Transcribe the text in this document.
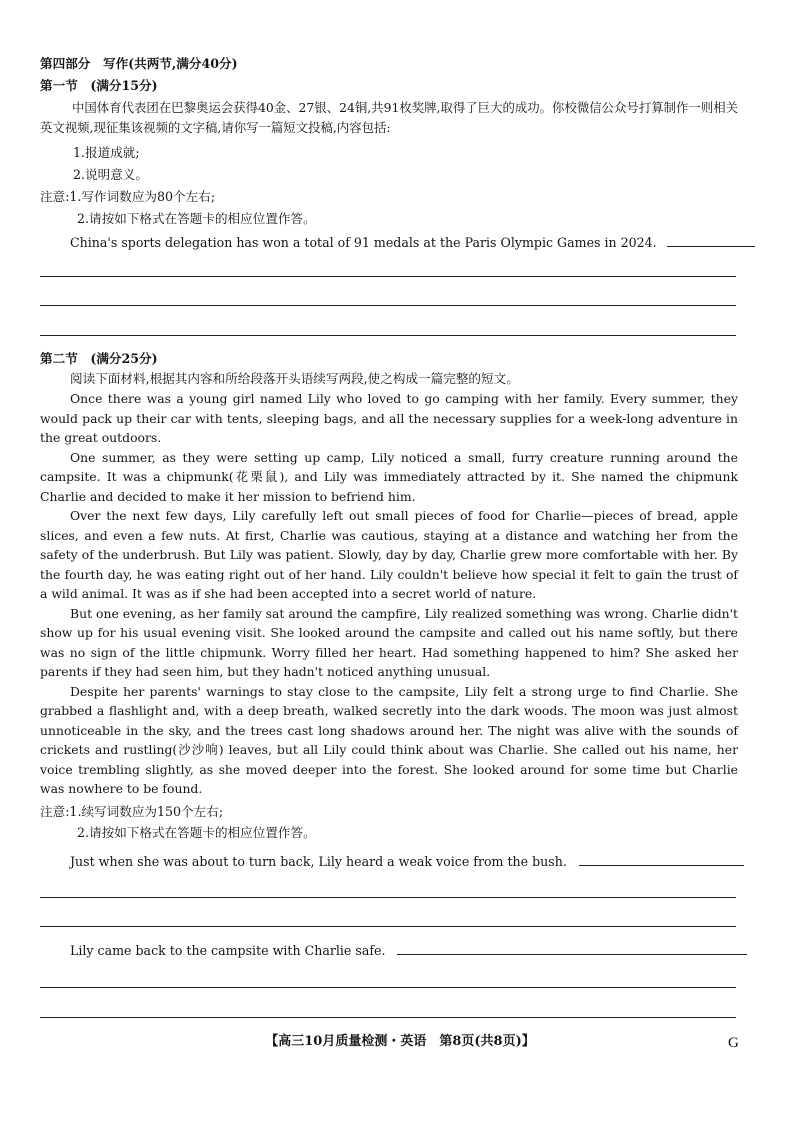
第四部分　写作(共两节,满分40分)
第一节　(满分15分)
中国体育代表团在巴黎奥运会获得40金、27银、24铜,共91枚奖牌,取得了巨大的成功。你校微信公众号打算制作一则相关英文视频,现征集该视频的文字稿,请你写一篇短文投稿,内容包括:
1.报道成就;
2.说明意义。
注意:1.写作词数应为80个左右;
2.请按如下格式在答题卡的相应位置作答。
China's sports delegation has won a total of 91 medals at the Paris Olympic Games in 2024.
第二节　(满分25分)
阅读下面材料,根据其内容和所给段落开头语续写两段,使之构成一篇完整的短文。
Once there was a young girl named Lily who loved to go camping with her family. Every summer, they would pack up their car with tents, sleeping bags, and all the necessary supplies for a week-long adventure in the great outdoors.
One summer, as they were setting up camp, Lily noticed a small, furry creature running around the campsite. It was a chipmunk(花栗鼠), and Lily was immediately attracted by it. She named the chipmunk Charlie and decided to make it her mission to befriend him.
Over the next few days, Lily carefully left out small pieces of food for Charlie—pieces of bread, apple slices, and even a few nuts. At first, Charlie was cautious, staying at a distance and watching her from the safety of the underbrush. But Lily was patient. Slowly, day by day, Charlie grew more comfortable with her. By the fourth day, he was eating right out of her hand. Lily couldn't believe how special it felt to gain the trust of a wild animal. It was as if she had been accepted into a secret world of nature.
But one evening, as her family sat around the campfire, Lily realized something was wrong. Charlie didn't show up for his usual evening visit. She looked around the campsite and called out his name softly, but there was no sign of the little chipmunk. Worry filled her heart. Had something happened to him? She asked her parents if they had seen him, but they hadn't noticed anything unusual.
Despite her parents' warnings to stay close to the campsite, Lily felt a strong urge to find Charlie. She grabbed a flashlight and, with a deep breath, walked secretly into the dark woods. The moon was just almost unnoticeable in the sky, and the trees cast long shadows around her. The night was alive with the sounds of crickets and rustling(沙沙响) leaves, but all Lily could think about was Charlie. She called out his name, her voice trembling slightly, as she moved deeper into the forest. She looked around for some time but Charlie was nowhere to be found.
注意:1.续写词数应为150个左右;
2.请按如下格式在答题卡的相应位置作答。
Just when she was about to turn back, Lily heard a weak voice from the bush.
Lily came back to the campsite with Charlie safe.
【高三10月质量检测・英语　第8页(共8页)】	G
